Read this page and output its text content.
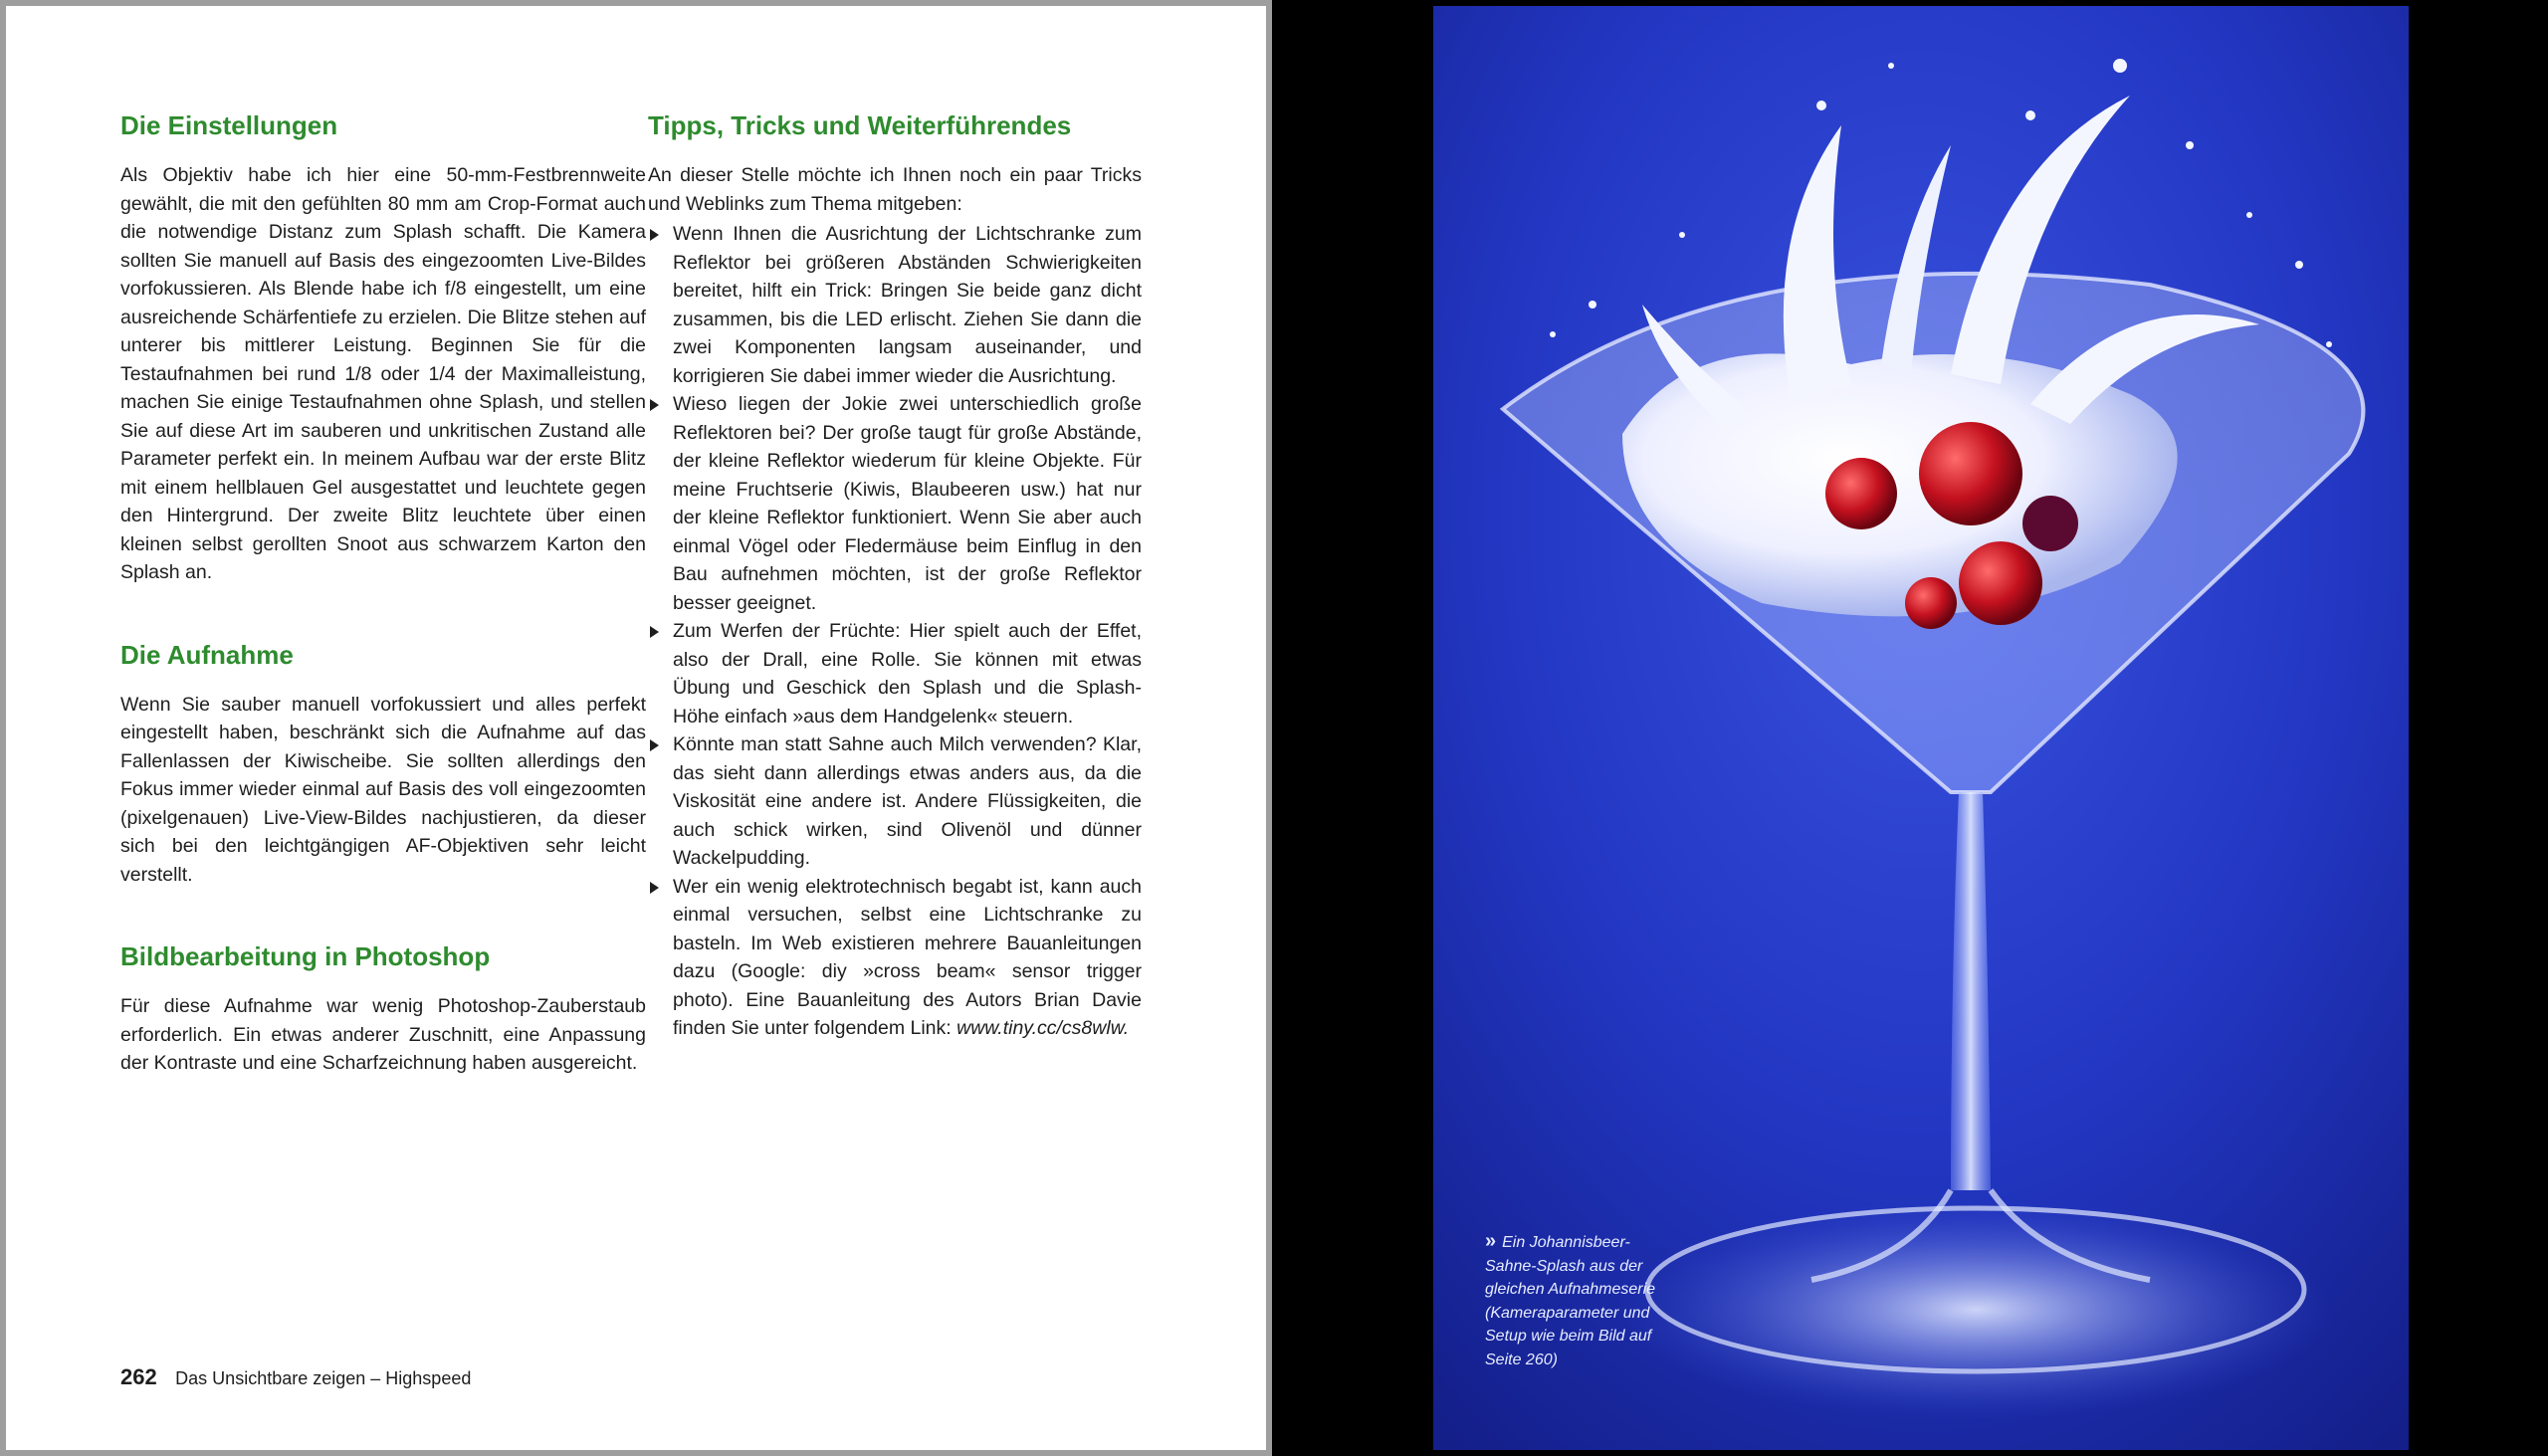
Die Einstellungen

Als Objektiv habe ich hier eine 50-mm-Festbrennweite gewählt, die mit den gefühlten 80 mm am Crop-Format auch die notwendige Distanz zum Splash schafft. Die Kamera sollten Sie manuell auf Basis des eingezoomten Live-Bildes vorfokussieren. Als Blende habe ich f/8 eingestellt, um eine ausreichende Schärfentiefe zu erzielen. Die Blitze stehen auf unterer bis mittlerer Leistung. Beginnen Sie für die Testaufnahmen bei rund 1/8 oder 1/4 der Maximalleistung, machen Sie einige Testaufnahmen ohne Splash, und stellen Sie auf diese Art im sauberen und unkritischen Zustand alle Parameter perfekt ein. In meinem Aufbau war der erste Blitz mit einem hellblauen Gel ausgestattet und leuchtete gegen den Hintergrund. Der zweite Blitz leuchtete über einen kleinen selbst gerollten Snoot aus schwarzem Karton den Splash an.

Die Aufnahme

Wenn Sie sauber manuell vorfokussiert und alles perfekt eingestellt haben, beschränkt sich die Aufnahme auf das Fallenlassen der Kiwischeibe. Sie sollten allerdings den Fokus immer wieder einmal auf Basis des voll eingezoomten (pixelgenauen) Live-View-Bildes nachjustieren, da dieser sich bei den leichtgängigen AF-Objektiven sehr leicht verstellt.

Bildbearbeitung in Photoshop

Für diese Aufnahme war wenig Photoshop-Zauberstaub erforderlich. Ein etwas anderer Zuschnitt, eine Anpassung der Kontraste und eine Scharfzeichnung haben ausgereicht.

Tipps, Tricks und Weiterführendes

An dieser Stelle möchte ich Ihnen noch ein paar Tricks und Weblinks zum Thema mitgeben:

Wenn Ihnen die Ausrichtung der Lichtschranke zum Reflektor bei größeren Abständen Schwierigkeiten bereitet, hilft ein Trick: Bringen Sie beide ganz dicht zusammen, bis die LED erlischt. Ziehen Sie dann die zwei Komponenten langsam auseinander, und korrigieren Sie dabei immer wieder die Ausrichtung.
Wieso liegen der Jokie zwei unterschiedlich große Reflektoren bei? Der große taugt für große Abstände, der kleine Reflektor wiederum für kleine Objekte. Für meine Fruchtserie (Kiwis, Blaubeeren usw.) hat nur der kleine Reflektor funktioniert. Wenn Sie aber auch einmal Vögel oder Fledermäuse beim Einflug in den Bau aufnehmen möchten, ist der große Reflektor besser geeignet.
Zum Werfen der Früchte: Hier spielt auch der Effet, also der Drall, eine Rolle. Sie können mit etwas Übung und Geschick den Splash und die Splash-Höhe einfach »aus dem Handgelenk« steuern.
Könnte man statt Sahne auch Milch verwenden? Klar, das sieht dann allerdings etwas anders aus, da die Viskosität eine andere ist. Andere Flüssigkeiten, die auch schick wirken, sind Olivenöl und dünner Wackelpudding.
Wer ein wenig elektrotechnisch begabt ist, kann auch einmal versuchen, selbst eine Lichtschranke zu basteln. Im Web existieren mehrere Bauanleitungen dazu (Google: diy »cross beam« sensor trigger photo). Eine Bauanleitung des Autors Brian Davie finden Sie unter folgendem Link: www.tiny.cc/cs8wlw.
262 Das Unsichtbare zeigen – Highspeed
» Ein Johannisbeer-Sahne-Splash aus der gleichen Aufnahmeserie (Kameraparameter und Setup wie beim Bild auf Seite 260)
